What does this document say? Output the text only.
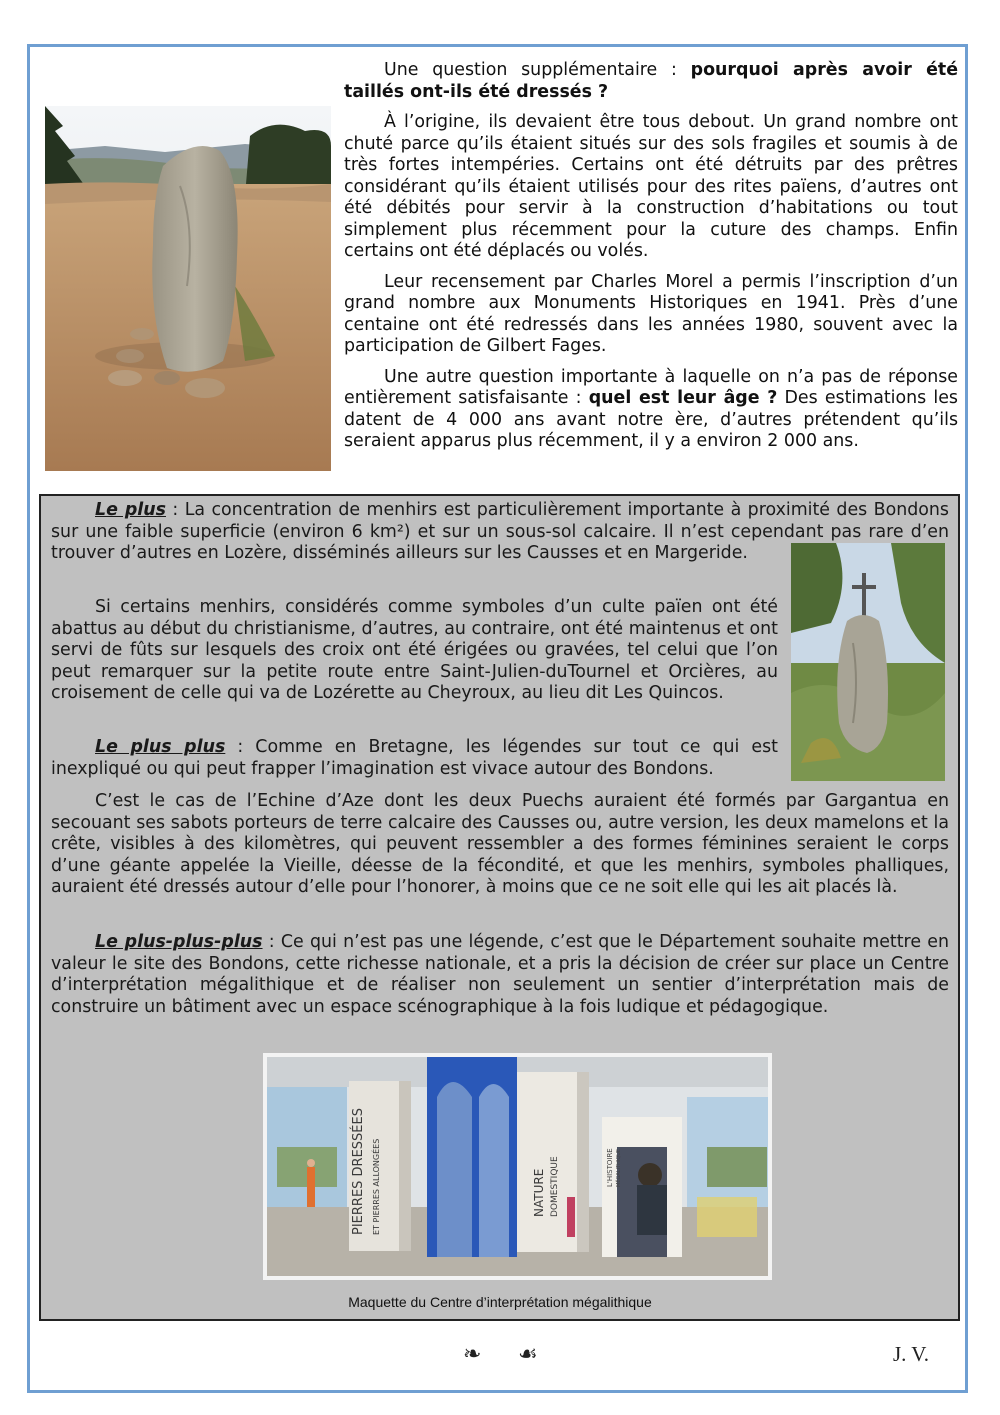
Une question supplémentaire : pourquoi après avoir été taillés ont-ils été dressés ?

À l’origine, ils devaient être tous debout. Un grand nombre ont chuté parce qu’ils étaient situés sur des sols fragiles et soumis à de très fortes intempéries. Certains ont été détruits par des prêtres considérant qu’ils étaient utilisés pour des rites païens, d’autres ont été débités pour servir à la construction d’habitations ou tout simplement plus récemment pour la cuture des champs. Enfin certains ont été déplacés ou volés.

Leur recensement par Charles Morel a permis l’inscription d’un grand nombre aux Monuments Historiques en 1941. Près d’une centaine ont été redressés dans les années 1980, souvent avec la participation de Gilbert Fages.

Une autre question importante à laquelle on n’a pas de réponse entièrement satisfaisante : quel est leur âge ? Des estimations les datent de 4 000 ans avant notre ère, d’autres prétendent qu’ils seraient apparus plus récemment, il y a environ 2 000 ans.

Le plus : La concentration de menhirs est particulièrement importante à proximité des Bondons sur une faible superficie (environ 6 km²) et sur un sous-sol calcaire. Il n’est cependant pas rare d’en trouver d’autres en Lozère, disséminés ailleurs sur les Causses et en Margeride.

Si certains menhirs, considérés comme symboles d’un culte païen ont été abattus au début du christianisme, d’autres, au contraire, ont été maintenus et ont servi de fûts sur lesquels des croix ont été érigées ou gravées, tel celui que l’on peut remarquer sur la petite route entre Saint-Julien-duTournel et Orcières, au croisement de celle qui va de Lozérette au Cheyroux, au lieu dit Les Quincos.

Le plus plus : Comme en Bretagne, les légendes sur tout ce qui est inexpliqué ou qui peut frapper l’imagination est vivace autour des Bondons.

C’est le cas de l’Echine d’Aze dont les deux Puechs auraient été formés par Gargantua en secouant ses sabots porteurs de terre calcaire des Causses ou, autre version, les deux mamelons et la crête, visibles à des kilomètres, qui peuvent ressembler a des formes féminines seraient le corps d’une géante appelée la Vieille, déesse de la fécondité, et que les menhirs, symboles phalliques, auraient été dressés autour d’elle pour l’honorer, à moins que ce ne soit elle qui les ait placés là.

Le plus-plus-plus : Ce qui n’est pas une légende, c’est que le Département souhaite mettre en valeur le site des Bondons, cette richesse nationale, et a pris la décision de créer sur place un Centre d’interprétation mégalithique et de réaliser non seulement un sentier d’interprétation mais de construire un bâtiment avec un espace scénographique à la fois ludique et pédagogique.

PIERRES DRESSÉES ET PIERRES ALLONGÉES	NATURE DOMESTIQUE	L'HISTOIRE MÉGALITHIQUE
Maquette du Centre d’interprétation mégalithique
❧ ☙	J. V.
